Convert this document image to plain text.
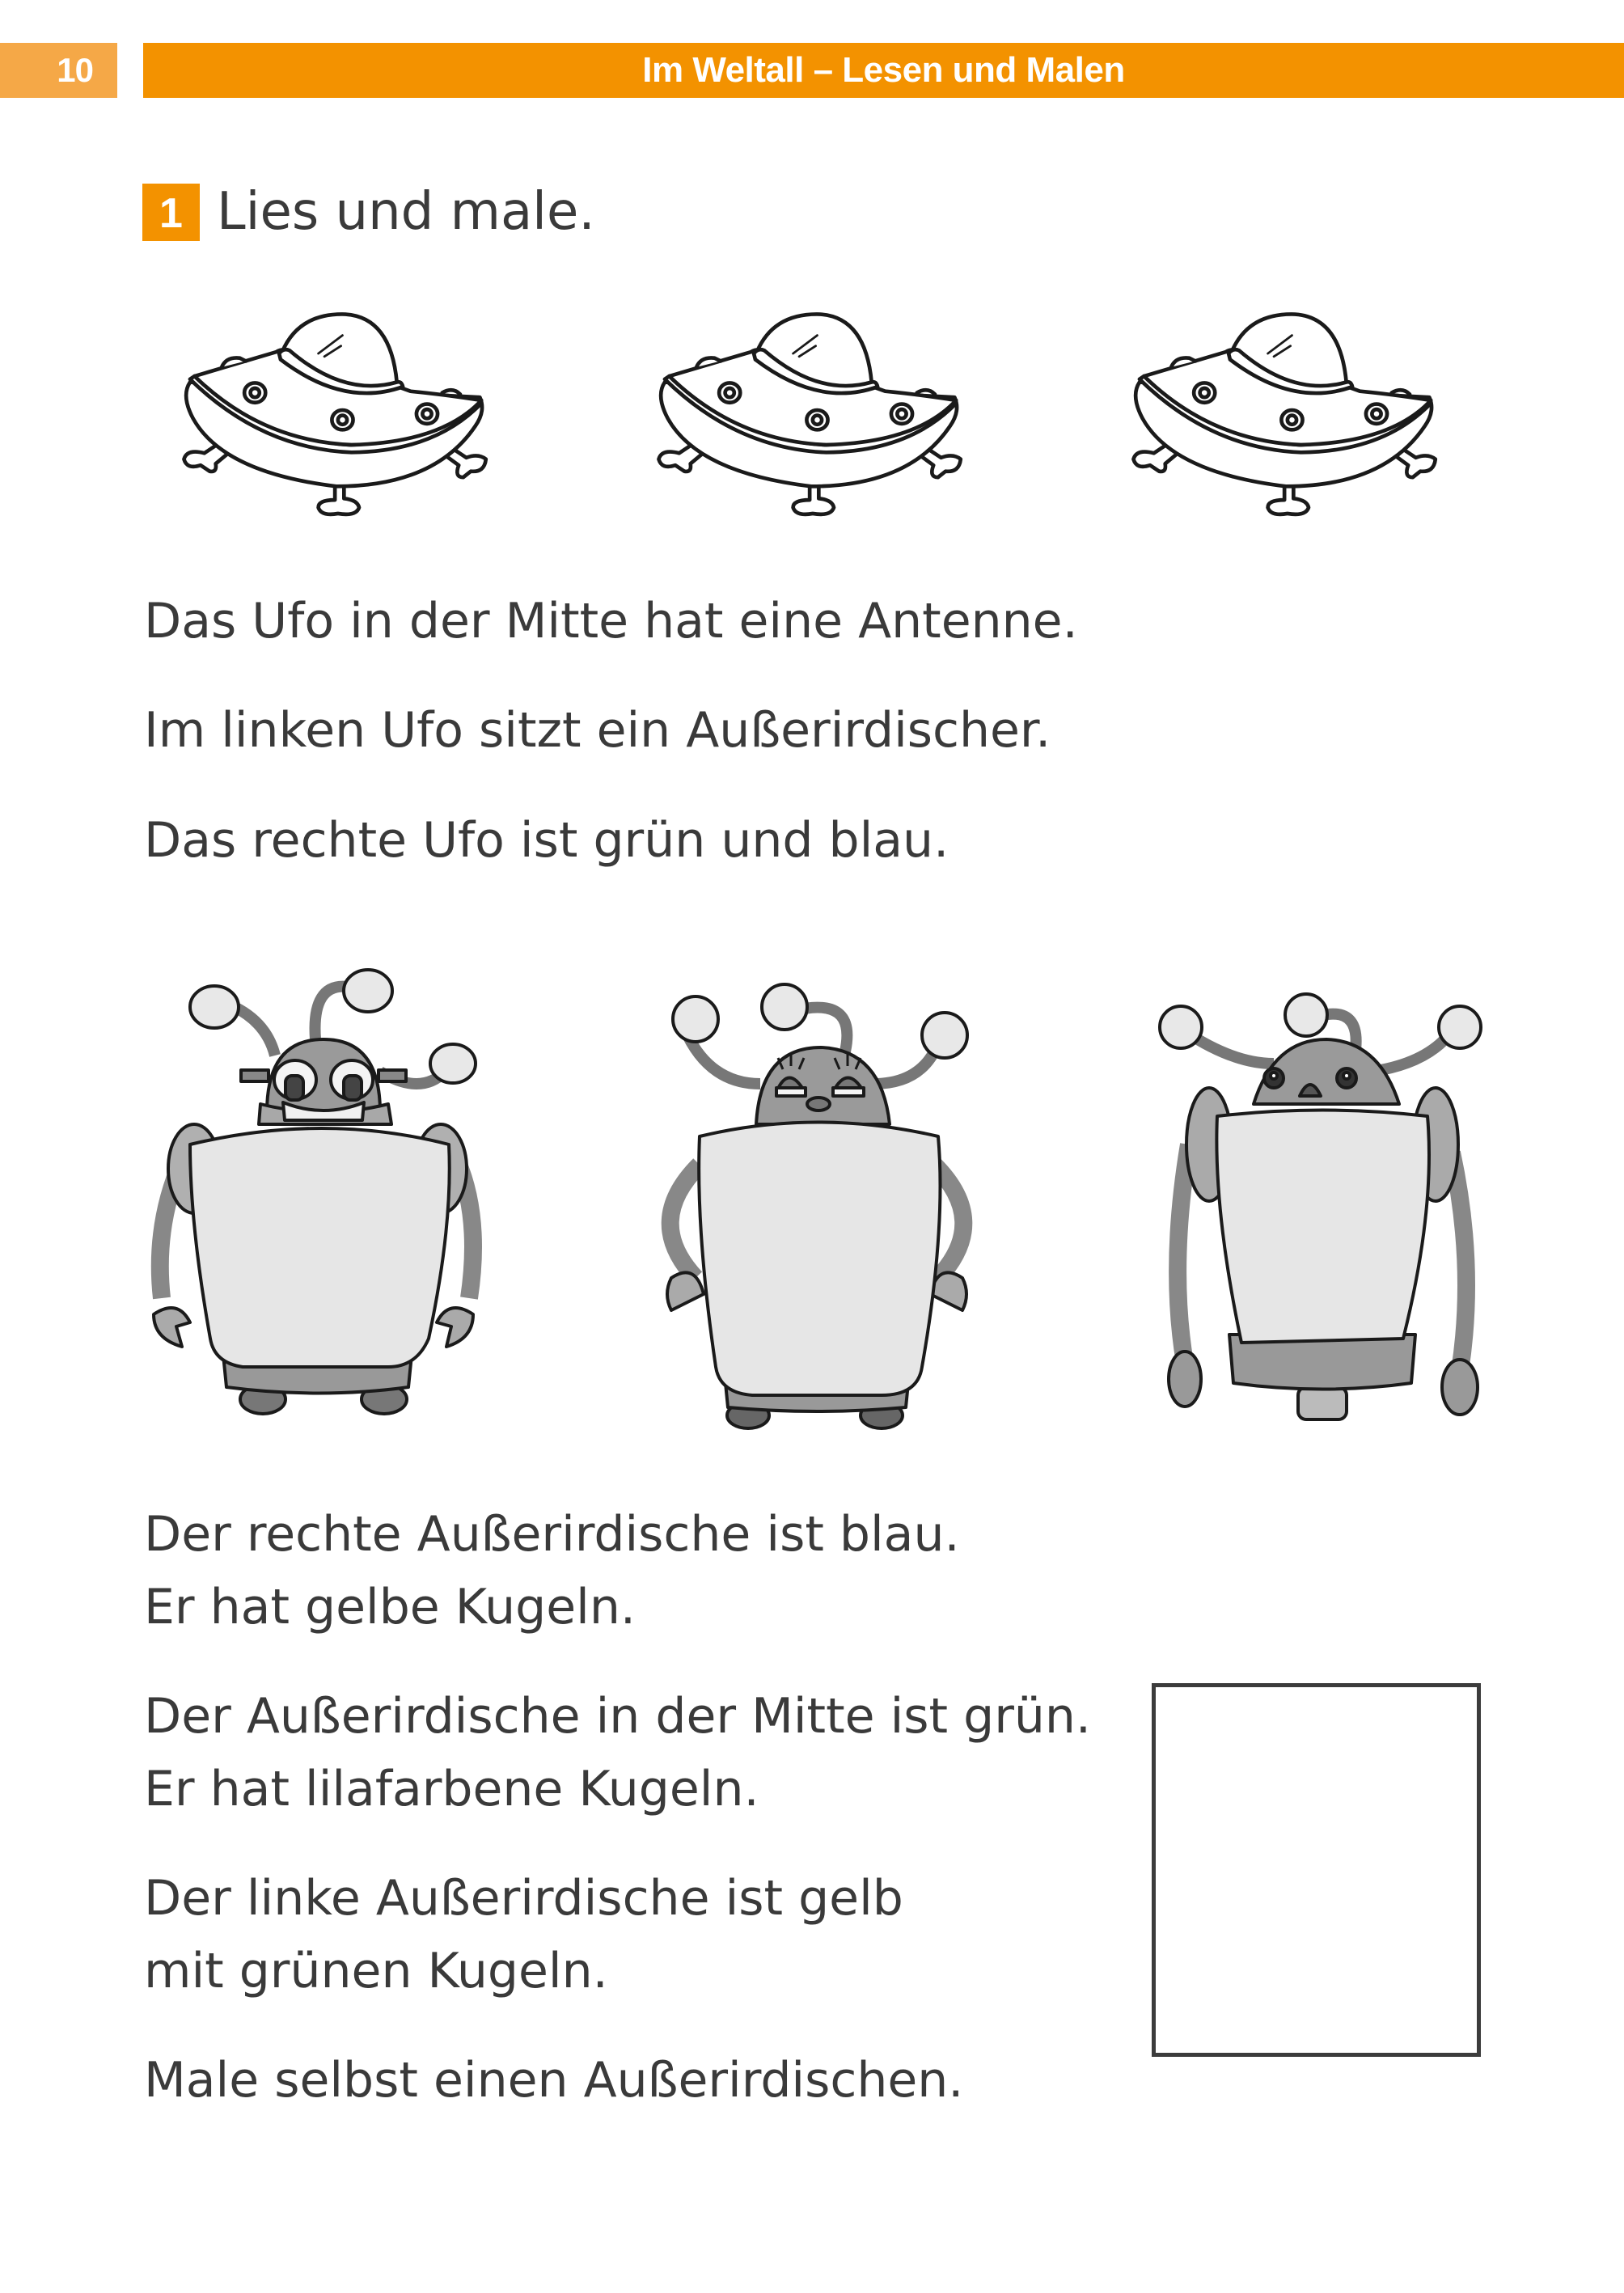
10	Im Weltall – Lesen und Malen
1 Lies und male.
Das Ufo in der Mitte hat eine Antenne.
Im linken Ufo sitzt ein Außerirdischer.
Das rechte Ufo ist grün und blau.
Der rechte Außerirdische ist blau.
Er hat gelbe Kugeln.
Der Außerirdische in der Mitte ist grün.
Er hat lilafarbene Kugeln.
Der linke Außerirdische ist gelb
mit grünen Kugeln.
Male selbst einen Außerirdischen.
